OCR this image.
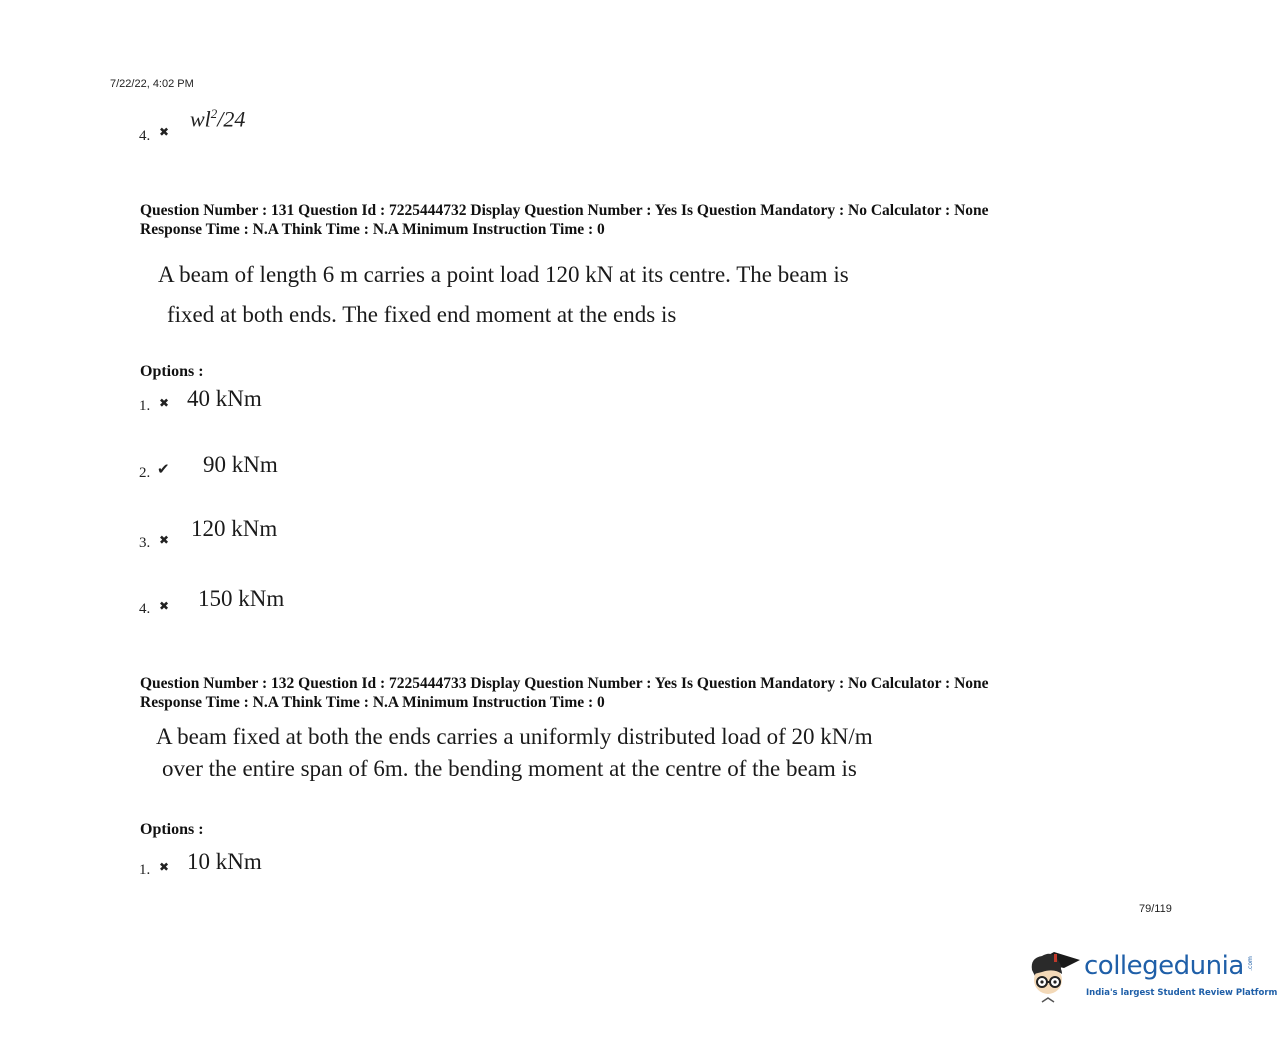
7/22/22, 4:02 PM
4. ✖
$wl^2/24$
Question Number : 131 Question Id : 7225444732 Display Question Number : Yes Is Question Mandatory : No Calculator : None
Response Time : N.A Think Time : N.A Minimum Instruction Time : 0
A beam of length 6 m carries a point load 120 kN at its centre. The beam is
fixed at both ends. The fixed end moment at the ends is
Options :
1. ✖ 40 kNm
2. ✔ 90 kNm
3. ✖ 120 kNm
4. ✖ 150 kNm
Question Number : 132 Question Id : 7225444733 Display Question Number : Yes Is Question Mandatory : No Calculator : None
Response Time : N.A Think Time : N.A Minimum Instruction Time : 0
A beam fixed at both the ends carries a uniformly distributed load of 20 kN/m
over the entire span of 6m. the bending moment at the centre of the beam is
Options :
1. ✖ 10 kNm
79/119
collegedunia .com
India's largest Student Review Platform
